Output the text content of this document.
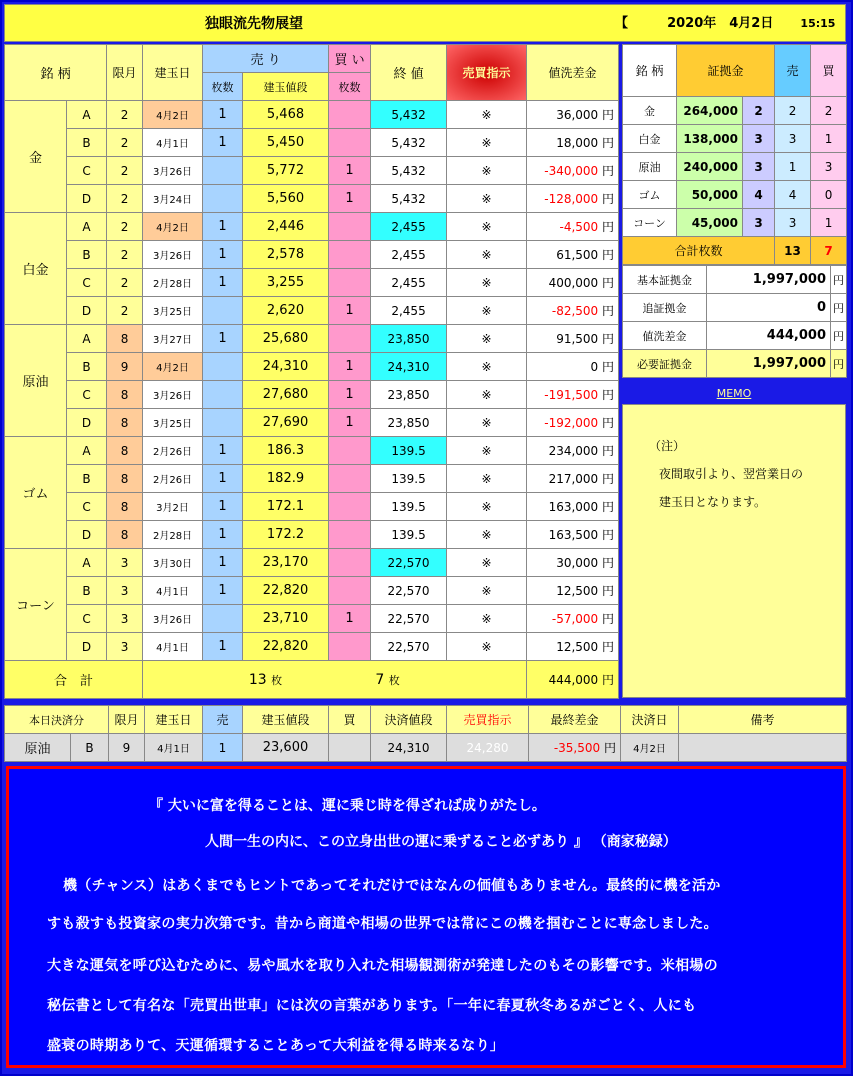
独眼流先物展望	【	2020年　4月2日 15:15
銘 柄		限月	建玉日	売 り		買 い	終 値	売買指示	値洗差金
				枚数	建玉値段	枚数			
金	A	2	4月2日	1	5,468		5,432	※	36,000 円
	B	2	4月1日	1	5,450		5,432	※	18,000 円
	C	2	3月26日		5,772	1	5,432	※	-340,000 円
	D	2	3月24日		5,560	1	5,432	※	-128,000 円
白金	A	2	4月2日	1	2,446		2,455	※	-4,500 円
	B	2	3月26日	1	2,578		2,455	※	61,500 円
	C	2	2月28日	1	3,255		2,455	※	400,000 円
	D	2	3月25日		2,620	1	2,455	※	-82,500 円
原油	A	8	3月27日	1	25,680		23,850	※	91,500 円
	B	9	4月2日		24,310	1	24,310	※	0 円
	C	8	3月26日		27,680	1	23,850	※	-191,500 円
	D	8	3月25日		27,690	1	23,850	※	-192,000 円
ゴム	A	8	2月26日	1	186.3		139.5	※	234,000 円
	B	8	2月26日	1	182.9		139.5	※	217,000 円
	C	8	3月2日	1	172.1		139.5	※	163,000 円
	D	8	2月28日	1	172.2		139.5	※	163,500 円
コーン	A	3	3月30日	1	23,170		22,570	※	30,000 円
	B	3	4月1日	1	22,820		22,570	※	12,500 円
	C	3	3月26日		23,710	1	22,570	※	-57,000 円
	D	3	4月1日	1	22,820		22,570	※	12,500 円
合　計				13 枚		7 枚			444,000 円
銘 柄	証拠金		売	買
金	264,000	2	2	2
白金	138,000	3	3	1
原油	240,000	3	1	3
ゴム	50,000	4	4	0
コーン	45,000	3	3	1
合計枚数			13	7
基本証拠金	1,997,000	円
追証拠金	0	円
値洗差金	444,000	円
必要証拠金	1,997,000	円
MEMO
（注）
夜間取引より、翌営業日の
建玉日となります。
本日決済分		限月	建玉日	売	建玉値段	買	決済値段	売買指示	最終差金	決済日	備考
原油	B	9	4月1日	1	23,600		24,310	24,280	-35,500 円	4月2日	
『 大いに富を得ることは、運に乗じ時を得ざれば成りがたし。
人間一生の内に、この立身出世の運に乗ずること必ずあり 』 （商家秘録）
機（チャンス）はあくまでもヒントであってそれだけではなんの価値もありません。最終的に機を活か
すも殺すも投資家の実力次第です。昔から商道や相場の世界では常にこの機を掴むことに専念しました。
大きな運気を呼び込むために、易や風水を取り入れた相場観測術が発達したのもその影響です。米相場の
秘伝書として有名な「売買出世車」には次の言葉があります。「一年に春夏秋冬あるがごとく、人にも
盛衰の時期ありて、天運循環することあって大利益を得る時来るなり」
